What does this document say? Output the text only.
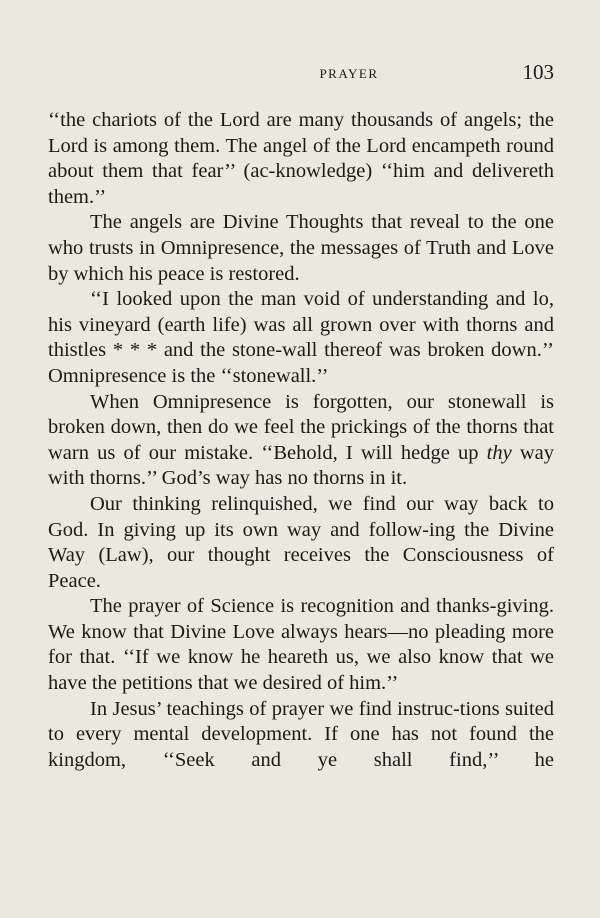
PRAYER	103

‘‘the chariots of the Lord are many thousands of angels; the Lord is among them. The angel of the Lord encampeth round about them that fear’’ (ac-knowledge) ‘‘him and delivereth them.’’

The angels are Divine Thoughts that reveal to the one who trusts in Omnipresence, the messages of Truth and Love by which his peace is restored.

‘‘I looked upon the man void of understanding and lo, his vineyard (earth life) was all grown over with thorns and thistles * * * and the stone-wall thereof was broken down.’’ Omnipresence is the ‘‘stonewall.’’

When Omnipresence is forgotten, our stonewall is broken down, then do we feel the prickings of the thorns that warn us of our mistake. ‘‘Behold, I will hedge up thy way with thorns.’’ God’s way has no thorns in it.

Our thinking relinquished, we find our way back to God. In giving up its own way and follow-ing the Divine Way (Law), our thought receives the Consciousness of Peace.

The prayer of Science is recognition and thanks-giving. We know that Divine Love always hears—no pleading more for that. ‘‘If we know he heareth us, we also know that we have the petitions that we desired of him.’’

In Jesus’ teachings of prayer we find instruc-tions suited to every mental development. If one has not found the kingdom, ‘‘Seek and ye shall find,’’ he
